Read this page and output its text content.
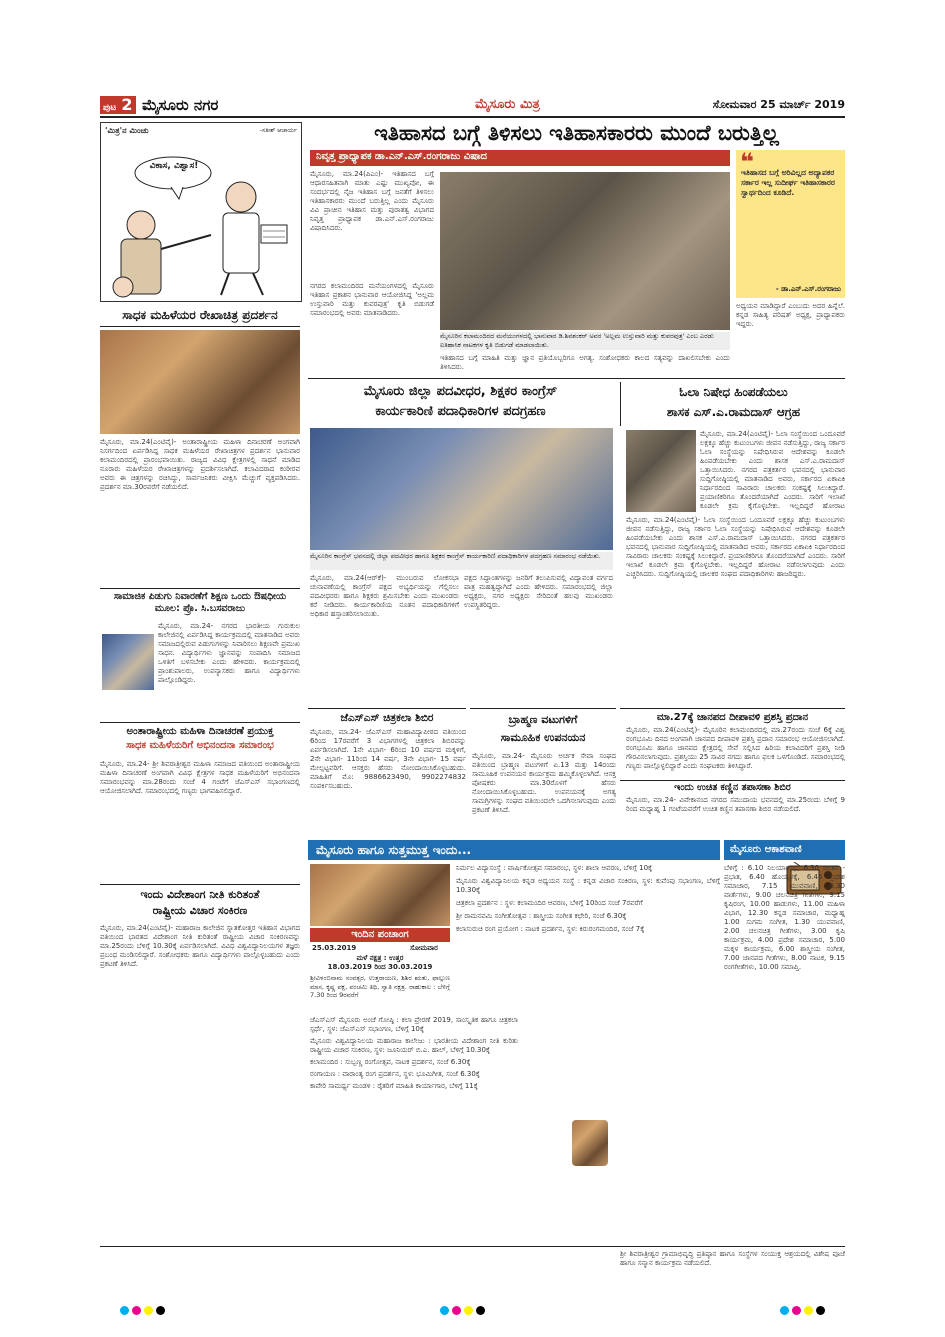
ಪುಟ 2 ಮೈಸೂರು ನಗರ	ಮೈಸೂರು ಮಿತ್ರ	ಸೋಮವಾರ 25 ಮಾರ್ಚ್ 2019
'ಮಿತ್ರ'ನ ಮಿಂಚು	-ಸತೀಶ್ ಆಚಾರ್ಯ
ವಿಕಾಸ, ವಿಶ್ವಾಸ!
ಇತಿಹಾಸದ ಬಗ್ಗೆ ತಿಳಿಸಲು ಇತಿಹಾಸಕಾರರು ಮುಂದೆ ಬರುತ್ತಿಲ್ಲ
ನಿವೃತ್ತ ಪ್ರಾಧ್ಯಾಪಕ ಡಾ.ಎನ್.ಎಸ್.ರಂಗರಾಜು ವಿಷಾದ
ಮೈಸೂರು, ಮಾ.24(ಪಿಎಂ)- ಇತಿಹಾಸದ ಬಗ್ಗೆ ಆಧಾರಸಹಿತವಾಗಿ ಮಾತು ಎಷ್ಟು ಮುಖ್ಯವೋ, ಈ ಸಂದರ್ಭದಲ್ಲಿ ನೈಜ ಇತಿಹಾಸ ಬಗ್ಗೆ ಜನತೆಗೆ ತಿಳಿಸಲು ಇತಿಹಾಸಕಾರರು ಮುಂದೆ ಬರುತ್ತಿಲ್ಲ ಎಂದು ಮೈಸೂರು ವಿವಿ ಪ್ರಾಚೀನ ಇತಿಹಾಸ ಮತ್ತು ಪುರಾತತ್ವ ವಿಭಾಗದ ನಿವೃತ್ತ ಪ್ರಾಧ್ಯಾಪಕ ಡಾ.ಎನ್.ಎಸ್.ರಂಗರಾಜು ವಿಷಾದಿಸಿದರು.
ನಗರದ ಕಲಾಮಂದಿರದ ಮನೆಯಂಗಳದಲ್ಲಿ ಮೈಸೂರು ಇತಿಹಾಸ ಪ್ರಕಾಶನ ಭಾನುವಾರ ಆಯೋಜಿಸಿದ್ದ 'ಅಲ್ಲಮ ಉಸ್ತುವಾರಿ ಮತ್ತು ಕುವರಪುತ್ರ' ಕೃತಿ ಬಿಡುಗಡೆ ಸಮಾರಂಭದಲ್ಲಿ ಅವರು ಮಾತನಾಡಿದರು.
ಮೈಸೂರಿನ ಕಲಾಮಂದಿರದ ಮನೆಯಂಗಳದಲ್ಲಿ ಭಾನುವಾರ ಡಿ.ಶಿವಶಂಕರ್ ಅವರ 'ಅಲ್ಲಮ ಉಸ್ತುವಾರಿ ಮತ್ತು ಕುವರಪುತ್ರ' ಎಂಬ ಎರಡು ಐತಿಹಾಸಿಕ ನಾಟಕಗಳ ಕೃತಿ ಬಿಡುಗಡೆ ಮಾಡಲಾಯಿತು.
ಇತಿಹಾಸದ ಬಗ್ಗೆ ಮಾಹಿತಿ ಮತ್ತು ಜ್ಞಾನ ಪ್ರತಿಯೊಬ್ಬರಿಗೂ ಅಗತ್ಯ. ಸಂಶೋಧಕರು ಕಾಲದ ಸತ್ಯವನ್ನು ದಾಖಲಿಸಬೇಕು ಎಂದು ತಿಳಿಸಿದರು.
❝
ಇತಿಹಾಸದ ಬಗ್ಗೆ ಅರಿವಿಲ್ಲದ ಅದ್ಯಾಪಕರ ಸರ್ಕಾರ ಇಲ್ಲ ಸುದೀರ್ಘ ಇತಿಹಾಸಕಾರರ ಸ್ವಾರ್ಥದಿಂದ ಕೂಡಿದೆ.
- ಡಾ.ಎನ್.ಎಸ್.ರಂಗರಾಜು
ಅಧ್ಯಯನ ಮಾಡಿದ್ದಾರೆ ಎಂಬುದು ಅದರ ಹಿನ್ನೆಲೆ. ಕನ್ನಡ ಸಾಹಿತ್ಯ ಪರಿಷತ್ ಅಧ್ಯಕ್ಷ, ಪ್ರಾಧ್ಯಾಪಕರು ಇದ್ದರು.
ಸಾಧಕ ಮಹಿಳೆಯರ ರೇಖಾಚಿತ್ರ ಪ್ರದರ್ಶನ
ಮೈಸೂರು, ಮಾ.24(ಎಂಟಿವೈ)- ಅಂತಾರಾಷ್ಟ್ರೀಯ ಮಹಿಳಾ ದಿನಾಚರಣೆ ಅಂಗವಾಗಿ ನಿಸರ್ಗದಿಂದ ಏರ್ಪಡಿಸಿದ್ದ ಸಾಧಕ ಮಹಿಳೆಯರ ರೇಖಾಚಿತ್ರಗಳ ಪ್ರದರ್ಶನ ಭಾನುವಾರ ಕಲಾಮಂದಿರದಲ್ಲಿ ಪ್ರಾರಂಭವಾಯಿತು. ರಾಜ್ಯದ ವಿವಿಧ ಕ್ಷೇತ್ರಗಳಲ್ಲಿ ಸಾಧನೆ ಮಾಡಿದ ನೂರಾರು ಮಹಿಳೆಯರ ರೇಖಾಚಿತ್ರಗಳನ್ನು ಪ್ರದರ್ಶಿಸಲಾಗಿದೆ. ಕಲಾವಿದರಾದ ಕಂಠೀರವ ಅವರು ಈ ಚಿತ್ರಗಳನ್ನು ರಚಿಸಿದ್ದು, ಸಾರ್ವಜನಿಕರು ವೀಕ್ಷಿಸಿ ಮೆಚ್ಚುಗೆ ವ್ಯಕ್ತಪಡಿಸಿದರು. ಪ್ರದರ್ಶನ ಮಾ.30ರವರೆಗೆ ನಡೆಯಲಿದೆ.
ಸಾಮಾಜಿಕ ಪಿಡುಗು ನಿವಾರಣೆಗೆ ಶಿಕ್ಷಣ ಒಂದು ಔಷಧೀಯ ಮೂಲ: ಪ್ರೊ. ಸಿ.ಬಸವರಾಜು
ಮೈಸೂರು, ಮಾ.24- ನಗರದ ಭಾರತೀಯ ಗುರುಕುಲ ಕಾಲೇಜಿನಲ್ಲಿ ಏರ್ಪಡಿಸಿದ್ದ ಕಾರ್ಯಕ್ರಮದಲ್ಲಿ ಮಾತನಾಡಿದ ಅವರು ಸಮಾಜದಲ್ಲಿರುವ ಪಿಡುಗುಗಳನ್ನು ನಿವಾರಿಸಲು ಶಿಕ್ಷಣವೇ ಪ್ರಮುಖ ಸಾಧನ. ವಿದ್ಯಾರ್ಥಿಗಳು ಜ್ಞಾನವನ್ನು ಸಂಪಾದಿಸಿ ಸಮಾಜದ ಒಳಿತಿಗೆ ಬಳಸಬೇಕು ಎಂದು ಹೇಳಿದರು. ಕಾರ್ಯಕ್ರಮದಲ್ಲಿ ಪ್ರಾಂಶುಪಾಲರು, ಉಪನ್ಯಾಸಕರು ಹಾಗೂ ವಿದ್ಯಾರ್ಥಿಗಳು ಪಾಲ್ಗೊಂಡಿದ್ದರು.
ಅಂತಾರಾಷ್ಟ್ರೀಯ ಮಹಿಳಾ ದಿನಾಚರಣೆ ಪ್ರಯುಕ್ತ
ಸಾಧಕ ಮಹಿಳೆಯರಿಗೆ ಅಭಿನಂದನಾ ಸಮಾರಂಭ
ಮೈಸೂರು, ಮಾ.24- ಶ್ರೀ ಶಿವರಾತ್ರೀಶ್ವರ ಮಹಿಳಾ ಸಮಾಜದ ವತಿಯಿಂದ ಅಂತಾರಾಷ್ಟ್ರೀಯ ಮಹಿಳಾ ದಿನಾಚರಣೆ ಅಂಗವಾಗಿ ವಿವಿಧ ಕ್ಷೇತ್ರಗಳ ಸಾಧಕ ಮಹಿಳೆಯರಿಗೆ ಅಭಿನಂದನಾ ಸಮಾರಂಭವನ್ನು ಮಾ.28ರಂದು ಸಂಜೆ 4 ಗಂಟೆಗೆ ಜೆಎಸ್ಎಸ್ ಸಭಾಂಗಣದಲ್ಲಿ ಆಯೋಜಿಸಲಾಗಿದೆ. ಸಮಾರಂಭದಲ್ಲಿ ಗಣ್ಯರು ಭಾಗವಹಿಸಲಿದ್ದಾರೆ.
ಇಂದು ವಿದೇಶಾಂಗ ನೀತಿ ಕುರಿತಂತೆ
ರಾಷ್ಟ್ರೀಯ ವಿಚಾರ ಸಂಕಿರಣ
ಮೈಸೂರು, ಮಾ.24(ಎಂಟಿವೈ)- ಮಹಾರಾಜ ಕಾಲೇಜಿನ ಸ್ನಾತಕೋತ್ತರ ಇತಿಹಾಸ ವಿಭಾಗದ ವತಿಯಿಂದ ಭಾರತದ ವಿದೇಶಾಂಗ ನೀತಿ ಕುರಿತಂತೆ ರಾಷ್ಟ್ರೀಯ ವಿಚಾರ ಸಂಕಿರಣವನ್ನು ಮಾ.25ರಂದು ಬೆಳಿಗ್ಗೆ 10.30ಕ್ಕೆ ಏರ್ಪಡಿಸಲಾಗಿದೆ. ವಿವಿಧ ವಿಶ್ವವಿದ್ಯಾನಿಲಯಗಳ ತಜ್ಞರು ಪ್ರಬಂಧ ಮಂಡಿಸಲಿದ್ದಾರೆ. ಸಂಶೋಧಕರು ಹಾಗೂ ವಿದ್ಯಾರ್ಥಿಗಳು ಪಾಲ್ಗೊಳ್ಳಬಹುದು ಎಂದು ಪ್ರಕಟಣೆ ತಿಳಿಸಿದೆ.
ಮೈಸೂರು ಜಿಲ್ಲಾ ಪದವೀಧರ, ಶಿಕ್ಷಕರ ಕಾಂಗ್ರೆಸ್
ಕಾರ್ಯಕಾರಿಣಿ ಪದಾಧಿಕಾರಿಗಳ ಪದಗ್ರಹಣ
ಮೈಸೂರಿನ ಕಾಂಗ್ರೆಸ್ ಭವನದಲ್ಲಿ ಜಿಲ್ಲಾ ಪದವೀಧರ ಹಾಗೂ ಶಿಕ್ಷಕರ ಕಾಂಗ್ರೆಸ್ ಕಾರ್ಯಕಾರಿಣಿ ಪದಾಧಿಕಾರಿಗಳ ಪದಗ್ರಹಣ ಸಮಾರಂಭ ನಡೆಯಿತು.
ಮೈಸೂರು, ಮಾ.24(ಆರ್‌ಕೆ)- ಮುಂಬರುವ ಲೋಕಸಭಾ ಚುನಾವಣೆಯಲ್ಲಿ ಕಾಂಗ್ರೆಸ್ ಪಕ್ಷದ ಅಭ್ಯರ್ಥಿಯನ್ನು ಗೆಲ್ಲಿಸಲು ಪದವೀಧರರು ಹಾಗೂ ಶಿಕ್ಷಕರು ಶ್ರಮಿಸಬೇಕು ಎಂದು ಮುಖಂಡರು ಕರೆ ನೀಡಿದರು. ಕಾರ್ಯಕಾರಿಣಿಯ ನೂತನ ಪದಾಧಿಕಾರಿಗಳಿಗೆ ಅಧಿಕಾರ ಹಸ್ತಾಂತರಿಸಲಾಯಿತು.
ಪಕ್ಷದ ಸಿದ್ಧಾಂತಗಳನ್ನು ಜನರಿಗೆ ತಲುಪಿಸುವಲ್ಲಿ ವಿದ್ಯಾವಂತ ವರ್ಗದ ಪಾತ್ರ ಮಹತ್ವದ್ದಾಗಿದೆ ಎಂದು ಹೇಳಿದರು. ಸಮಾರಂಭದಲ್ಲಿ ಜಿಲ್ಲಾ ಅಧ್ಯಕ್ಷರು, ನಗರ ಅಧ್ಯಕ್ಷರು ಸೇರಿದಂತೆ ಹಲವು ಮುಖಂಡರು ಉಪಸ್ಥಿತರಿದ್ದರು.
ಓಲಾ ನಿಷೇಧ ಹಿಂಪಡೆಯಲು
ಶಾಸಕ ಎಸ್.ಎ.ರಾಮದಾಸ್ ಆಗ್ರಹ
ಮೈಸೂರು, ಮಾ.24(ಎಂಟಿವೈ)- ಓಲಾ ಸಂಸ್ಥೆಯಿಂದ ಒಂದೂವರೆ ಲಕ್ಷಕ್ಕೂ ಹೆಚ್ಚು ಕುಟುಂಬಗಳು ಜೀವನ ನಡೆಸುತ್ತಿದ್ದು, ರಾಜ್ಯ ಸರ್ಕಾರ ಓಲಾ ಸಂಸ್ಥೆಯನ್ನು ನಿಷೇಧಿಸಿರುವ ಆದೇಶವನ್ನು ಕೂಡಲೇ ಹಿಂಪಡೆಯಬೇಕು ಎಂದು ಶಾಸಕ ಎಸ್.ಎ.ರಾಮದಾಸ್ ಒತ್ತಾಯಿಸಿದರು. ನಗರದ ಪತ್ರಕರ್ತರ ಭವನದಲ್ಲಿ ಭಾನುವಾರ ಸುದ್ದಿಗೋಷ್ಠಿಯಲ್ಲಿ ಮಾತನಾಡಿದ ಅವರು, ಸರ್ಕಾರದ ಏಕಾಏಕಿ ನಿರ್ಧಾರದಿಂದ ಸಾವಿರಾರು ಚಾಲಕರು ಸಂಕಷ್ಟಕ್ಕೆ ಸಿಲುಕಿದ್ದಾರೆ. ಪ್ರಯಾಣಿಕರಿಗೂ ತೊಂದರೆಯಾಗಿದೆ ಎಂದರು. ಸಾರಿಗೆ ಇಲಾಖೆ ಕೂಡಲೇ ಕ್ರಮ ಕೈಗೊಳ್ಳಬೇಕು. ಇಲ್ಲದಿದ್ದರೆ ಹೋರಾಟ
ಮೈಸೂರು, ಮಾ.24(ಎಂಟಿವೈ)- ಓಲಾ ಸಂಸ್ಥೆಯಿಂದ ಒಂದೂವರೆ ಲಕ್ಷಕ್ಕೂ ಹೆಚ್ಚು ಕುಟುಂಬಗಳು ಜೀವನ ನಡೆಸುತ್ತಿದ್ದು, ರಾಜ್ಯ ಸರ್ಕಾರ ಓಲಾ ಸಂಸ್ಥೆಯನ್ನು ನಿಷೇಧಿಸಿರುವ ಆದೇಶವನ್ನು ಕೂಡಲೇ ಹಿಂಪಡೆಯಬೇಕು ಎಂದು ಶಾಸಕ ಎಸ್.ಎ.ರಾಮದಾಸ್ ಒತ್ತಾಯಿಸಿದರು. ನಗರದ ಪತ್ರಕರ್ತರ ಭವನದಲ್ಲಿ ಭಾನುವಾರ ಸುದ್ದಿಗೋಷ್ಠಿಯಲ್ಲಿ ಮಾತನಾಡಿದ ಅವರು, ಸರ್ಕಾರದ ಏಕಾಏಕಿ ನಿರ್ಧಾರದಿಂದ ಸಾವಿರಾರು ಚಾಲಕರು ಸಂಕಷ್ಟಕ್ಕೆ ಸಿಲುಕಿದ್ದಾರೆ. ಪ್ರಯಾಣಿಕರಿಗೂ ತೊಂದರೆಯಾಗಿದೆ ಎಂದರು. ಸಾರಿಗೆ ಇಲಾಖೆ ಕೂಡಲೇ ಕ್ರಮ ಕೈಗೊಳ್ಳಬೇಕು. ಇಲ್ಲದಿದ್ದರೆ ಹೋರಾಟ ನಡೆಸಲಾಗುವುದು ಎಂದು ಎಚ್ಚರಿಸಿದರು. ಸುದ್ದಿಗೋಷ್ಠಿಯಲ್ಲಿ ಚಾಲಕರ ಸಂಘದ ಪದಾಧಿಕಾರಿಗಳು ಹಾಜರಿದ್ದರು.
ಮಾ.27ಕ್ಕೆ ಜಾನಪದ ದೀಪಾವಳಿ ಪ್ರಶಸ್ತಿ ಪ್ರದಾನ
ಮೈಸೂರು, ಮಾ.24(ಎಂಟಿವೈ)- ಮೈಸೂರಿನ ಕಲಾಮಂದಿರದಲ್ಲಿ ಮಾ.27ರಂದು ಸಂಜೆ 6ಕ್ಕೆ ವಿಶ್ವ ರಂಗಭೂಮಿ ದಿನದ ಅಂಗವಾಗಿ ಜಾನಪದ ದೀಪಾವಳಿ ಪ್ರಶಸ್ತಿ ಪ್ರದಾನ ಸಮಾರಂಭ ಆಯೋಜಿಸಲಾಗಿದೆ. ರಂಗಭೂಮಿ ಹಾಗೂ ಜಾನಪದ ಕ್ಷೇತ್ರದಲ್ಲಿ ಸೇವೆ ಸಲ್ಲಿಸಿದ ಹಿರಿಯ ಕಲಾವಿದರಿಗೆ ಪ್ರಶಸ್ತಿ ನೀಡಿ ಗೌರವಿಸಲಾಗುವುದು. ಪ್ರಶಸ್ತಿಯು 25 ಸಾವಿರ ನಗದು ಹಾಗೂ ಫಲಕ ಒಳಗೊಂಡಿದೆ. ಸಮಾರಂಭದಲ್ಲಿ ಗಣ್ಯರು ಪಾಲ್ಗೊಳ್ಳಲಿದ್ದಾರೆ ಎಂದು ಸಂಘಟಕರು ತಿಳಿಸಿದ್ದಾರೆ.
ಇಂದು ಉಚಿತ ಕಣ್ಣಿನ ತಪಾಸಣಾ ಶಿಬಿರ
ಮೈಸೂರು, ಮಾ.24- ವಿವೇಕಾನಂದ ನಗರದ ಸಮುದಾಯ ಭವನದಲ್ಲಿ ಮಾ.25ರಂದು ಬೆಳಿಗ್ಗೆ 9 ರಿಂದ ಮಧ್ಯಾಹ್ನ 1 ಗಂಟೆಯವರೆಗೆ ಉಚಿತ ಕಣ್ಣಿನ ತಪಾಸಣಾ ಶಿಬಿರ ನಡೆಯಲಿದೆ.
ಜೆಎಸ್ಎಸ್ ಚಿತ್ರಕಲಾ ಶಿಬಿರ
ಮೈಸೂರು, ಮಾ.24- ಜೆಎಸ್ಎಸ್ ಮಹಾವಿದ್ಯಾಪೀಠದ ವತಿಯಿಂದ 6ರಿಂದ 17ರವರೆಗೆ 3 ವಿಭಾಗಗಳಲ್ಲಿ ಚಿತ್ರಕಲಾ ಶಿಬಿರವನ್ನು ಏರ್ಪಡಿಸಲಾಗಿದೆ. 1ನೇ ವಿಭಾಗ- 6ರಿಂದ 10 ವರ್ಷದ ಮಕ್ಕಳಿಗೆ, 2ನೇ ವಿಭಾಗ- 11ರಿಂದ 14 ವರ್ಷ, 3ನೇ ವಿಭಾಗ- 15 ವರ್ಷ ಮೇಲ್ಪಟ್ಟವರಿಗೆ. ಆಸಕ್ತರು ಹೆಸರು ನೋಂದಾಯಿಸಿಕೊಳ್ಳಬಹುದು. ಮಾಹಿತಿಗೆ ಮೊ: 9886623490, 9902274832 ಸಂಪರ್ಕಿಸಬಹುದು.
ಬ್ರಾಹ್ಮಣ ವಟುಗಳಿಗೆ
ಸಾಮೂಹಿಕ ಉಪನಯನ
ಮೈಸೂರು, ಮಾ.24- ಮೈಸೂರು ಅರ್ಚಕ ಸೇವಾ ಸಂಘದ ವತಿಯಿಂದ ಬ್ರಾಹ್ಮಣ ವಟುಗಳಿಗೆ ಏ.13 ಮತ್ತು 14ರಂದು ಸಾಮೂಹಿಕ ಉಪನಯನ ಕಾರ್ಯಕ್ರಮ ಹಮ್ಮಿಕೊಳ್ಳಲಾಗಿದೆ. ಆಸಕ್ತ ಪೋಷಕರು ಮಾ.30ರೊಳಗೆ ಹೆಸರು ನೋಂದಾಯಿಸಿಕೊಳ್ಳಬಹುದು. ಉಪನಯನಕ್ಕೆ ಅಗತ್ಯ ಸಾಮಗ್ರಿಗಳನ್ನು ಸಂಘದ ವತಿಯಿಂದಲೇ ಒದಗಿಸಲಾಗುವುದು ಎಂದು ಪ್ರಕಟಣೆ ತಿಳಿಸಿದೆ.
ಮೈಸೂರು ಹಾಗೂ ಸುತ್ತಮುತ್ತ ಇಂದು...
ಇಂದಿನ ಪಂಚಾಂಗ
25.03.2019	ಸೋಮವಾರ
ಮಳೆ ನಕ್ಷತ್ರ : ಉತ್ತರ
18.03.2019 ರಿಂದ 30.03.2019
ಶ್ರೀವಿಳಂಬಿನಾಮ ಸಂವತ್ಸರ, ಉತ್ತರಾಯಣ, ಶಿಶಿರ ಋತು, ಫಾಲ್ಗುಣ ಮಾಸ, ಕೃಷ್ಣ ಪಕ್ಷ, ಪಂಚಮಿ ತಿಥಿ, ಸ್ವಾತಿ ನಕ್ಷತ್ರ. ರಾಹುಕಾಲ : ಬೆಳಿಗ್ಗೆ 7.30 ರಿಂದ 9ರವರೆಗೆ
ಜೆಎಸ್ಎಸ್ ಮೈಸೂರು ಅಂಚೆ ಗೋಷ್ಠಿ : ಕಲಾ ಪ್ರೇರಣೆ 2019, ಸಾಂಸ್ಕೃತಿಕ ಹಾಗೂ ಚಿತ್ರಕಲಾ ಸ್ಪರ್ಧೆ, ಸ್ಥಳ: ಜೆಎಸ್ಎಸ್ ಸಭಾಂಗಣ, ಬೆಳಿಗ್ಗೆ 10ಕ್ಕೆ
ಮೈಸೂರು ವಿಶ್ವವಿದ್ಯಾನಿಲಯ ಮಹಾರಾಜ ಕಾಲೇಜು : ಭಾರತೀಯ ವಿದೇಶಾಂಗ ನೀತಿ ಕುರಿತು ರಾಷ್ಟ್ರೀಯ ವಿಚಾರ ಸಂಕಿರಣ, ಸ್ಥಳ: ಜೂನಿಯರ್ ಬಿ.ಎ. ಹಾಲ್, ಬೆಳಿಗ್ಗೆ 10.30ಕ್ಕೆ
ಕಲಾಮಂದಿರ : ಸುಬ್ಬಣ್ಣ ರಂಗೋತ್ಸವ, ನಾಟಕ ಪ್ರದರ್ಶನ, ಸಂಜೆ 6.30ಕ್ಕೆ
ರಂಗಾಯಣ : ವಾರಾಂತ್ಯ ರಂಗ ಪ್ರದರ್ಶನ, ಸ್ಥಳ: ಭೂಮಿಗೀತ, ಸಂಜೆ 6.30ಕ್ಕೆ
ಕಾವೇರಿ ಸಾಮರ್ಥ್ಯ ಮಂಡಳಿ : ರೈತರಿಗೆ ಮಾಹಿತಿ ಕಾರ್ಯಾಗಾರ, ಬೆಳಿಗ್ಗೆ 11ಕ್ಕೆ
ನಿರ್ಮಲ ವಿದ್ಯಾಸಂಸ್ಥೆ : ವಾರ್ಷಿಕೋತ್ಸವ ಸಮಾರಂಭ, ಸ್ಥಳ: ಶಾಲಾ ಆವರಣ, ಬೆಳಿಗ್ಗೆ 10ಕ್ಕೆ
ಮೈಸೂರು ವಿಶ್ವವಿದ್ಯಾನಿಲಯ ಕನ್ನಡ ಅಧ್ಯಯನ ಸಂಸ್ಥೆ : ಕನ್ನಡ ವಿಚಾರ ಸಂಕಿರಣ, ಸ್ಥಳ: ಕುವೆಂಪು ಸಭಾಂಗಣ, ಬೆಳಿಗ್ಗೆ 10.30ಕ್ಕೆ
ಚಿತ್ರಕಲಾ ಪ್ರದರ್ಶನ : ಸ್ಥಳ: ಕಲಾಮಂದಿರ ಆವರಣ, ಬೆಳಿಗ್ಗೆ 10ರಿಂದ ಸಂಜೆ 7ರವರೆಗೆ
ಶ್ರೀ ರಾಮನವಮಿ ಸಂಗೀತೋತ್ಸವ : ಶಾಸ್ತ್ರೀಯ ಸಂಗೀತ ಕಛೇರಿ, ಸಂಜೆ 6.30ಕ್ಕೆ
ಕಲಾಸುರುಚಿ ರಂಗ ಪ್ರಯೋಗ : ನಾಟಕ ಪ್ರದರ್ಶನ, ಸ್ಥಳ: ಕಿರುರಂಗಮಂದಿರ, ಸಂಜೆ 7ಕ್ಕೆ
ಮೈಸೂರು ಆಕಾಶವಾಣಿ
ಬೆಳಿಗ್ಗೆ : 6.10 ನಿಲಯಾರಂಭ, 6.30 ಚಿಂತನ - ಪ್ರಭಾತ, 6.40 ಹೊಯ್ಸಳಕ್ಕೆ, 6.45 ಪ್ರದೇಶ ಸಮಾಚಾರ, 7.15 ಯುವವಾಣಿ, 8.30 ವಾರ್ತೆಗಳು, 9.00 ಚಲನಚಿತ್ರ ಗೀತೆಗಳು, 9.15 ಕೃಷಿರಂಗ, 10.00 ಹಾಡುಗಳು, 11.00 ಮಹಿಳಾ ವಿಭಾಗ, 12.30 ಕನ್ನಡ ಸಮಾಚಾರ, ಮಧ್ಯಾಹ್ನ 1.00 ಸುಗಮ ಸಂಗೀತ, 1.30 ಯುವವಾಣಿ, 2.00 ಚಲನಚಿತ್ರ ಗೀತೆಗಳು, 3.00 ಕೃಷಿ ಕಾರ್ಯಕ್ರಮ, 4.00 ಪ್ರದೇಶ ಸಮಾಚಾರ, 5.00 ಮಕ್ಕಳ ಕಾರ್ಯಕ್ರಮ, 6.00 ಶಾಸ್ತ್ರೀಯ ಸಂಗೀತ, 7.00 ಜಾನಪದ ಗೀತೆಗಳು, 8.00 ನಾಟಕ, 9.15 ರಂಗಗೀತೆಗಳು, 10.00 ಸಮಾಪ್ತಿ.
ಶ್ರೀ ಶಿವರಾತ್ರೀಶ್ವರ ಗ್ರಾಮಾಭಿವೃದ್ಧಿ ಪ್ರತಿಷ್ಠಾನ ಹಾಗೂ ಸಂಸ್ಥೆಗಳ ಸಂಯುಕ್ತ ಆಶ್ರಯದಲ್ಲಿ ವಿಶೇಷ ಪೂಜೆ ಹಾಗೂ ಸನ್ಮಾನ ಕಾರ್ಯಕ್ರಮ ನಡೆಯಲಿದೆ.
